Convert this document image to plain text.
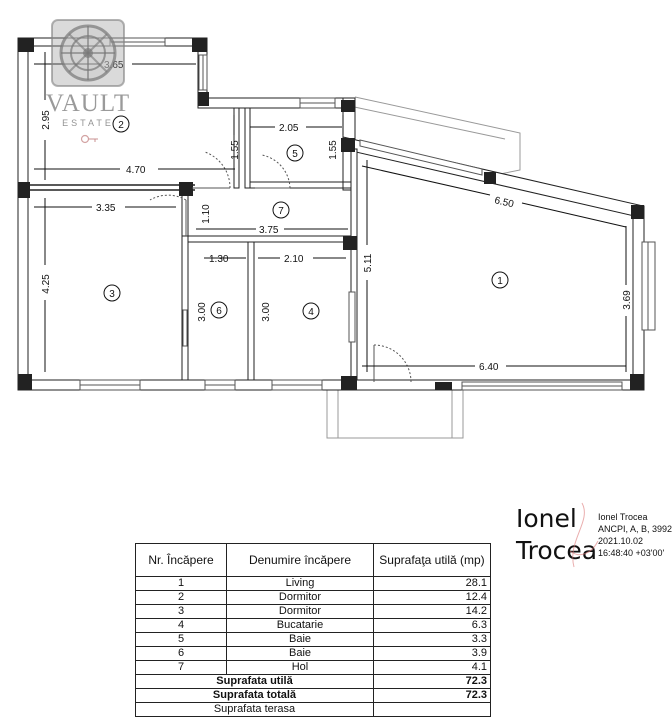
2.95
4.70
2.05
1.55	1.55
3.35	1.10
3.75
1.30	2.10	5.11
6.50
4.25
3.00	3.00
3.69
6.40
1
2
3
4
5
6
7
VAULT
ESTATE
Ionel
Trocea
Ionel Trocea
ANCPI, A, B, 3992
2021.10.02
16:48:40 +03'00'
Nr. Încăpere	Denumire încăpere	Suprafaţa utilă (mp)
1	Living	28.1
2	Dormitor	12.4
3	Dormitor	14.2
4	Bucatarie	6.3
5	Baie	3.3
6	Baie	3.9
7	Hol	4.1
Suprafata utilă		72.3
Suprafata totală		72.3
Suprafata terasa		
